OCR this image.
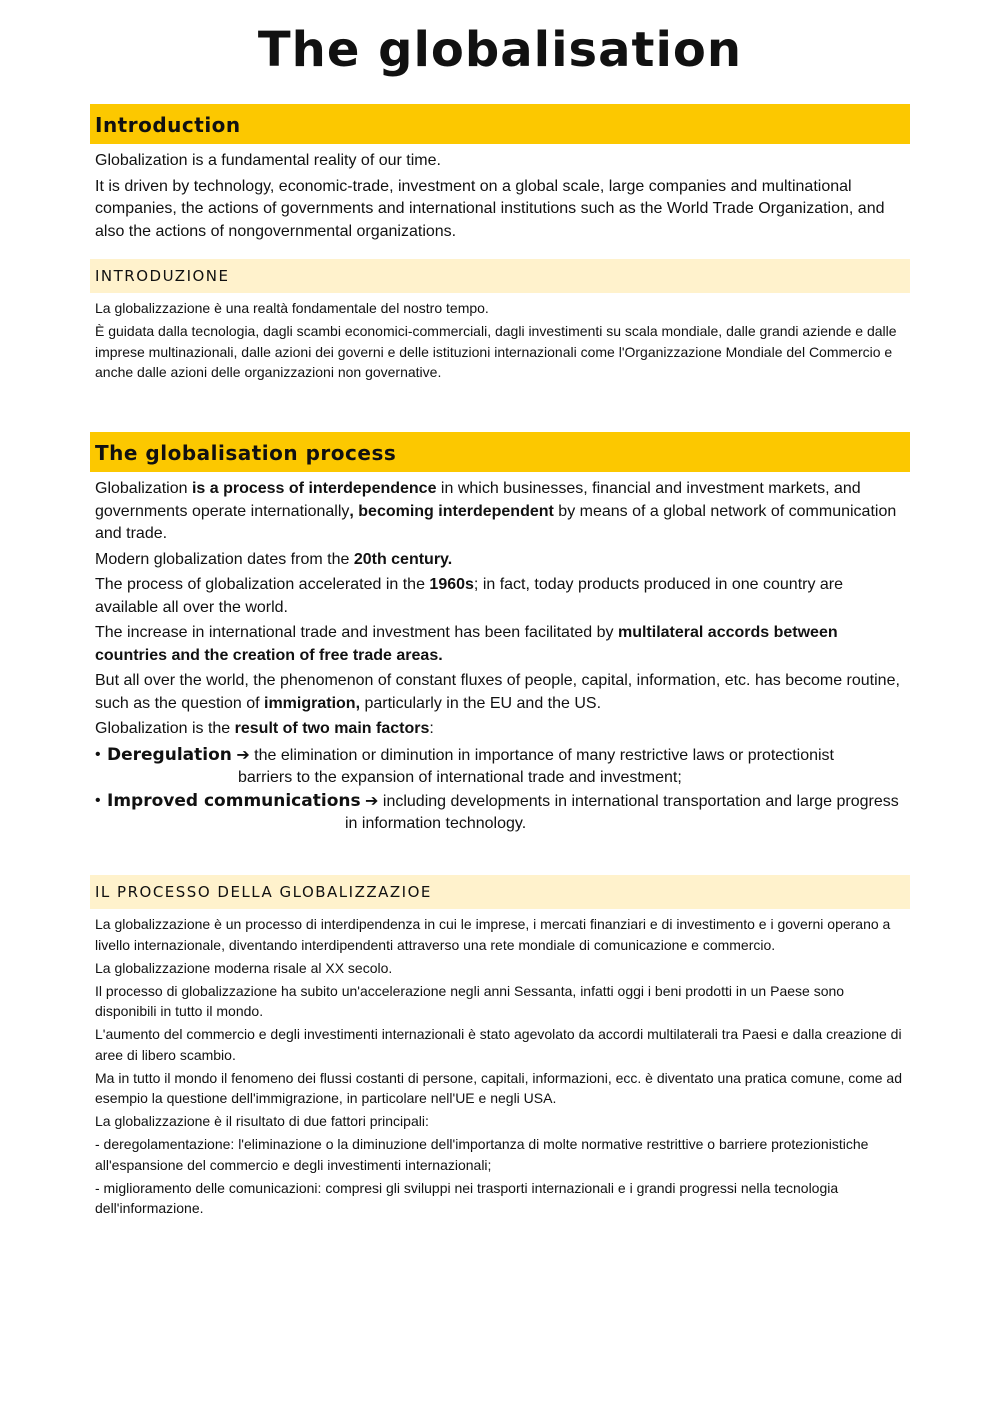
The globalisation
Introduction

Globalization is a fundamental reality of our time.

It is driven by technology, economic-trade, investment on a global scale, large companies and multinational companies, the actions of governments and international institutions such as the World Trade Organization, and also the actions of nongovernmental organizations.

INTRODUZIONE

La globalizzazione è una realtà fondamentale del nostro tempo.

È guidata dalla tecnologia, dagli scambi economici-commerciali, dagli investimenti su scala mondiale, dalle grandi aziende e dalle imprese multinazionali, dalle azioni dei governi e delle istituzioni internazionali come l'Organizzazione Mondiale del Commercio e anche dalle azioni delle organizzazioni non governative.

The globalisation process

Globalization is a process of interdependence in which businesses, financial and investment markets, and governments operate internationally, becoming interdependent by means of a global network of communication and trade.

Modern globalization dates from the 20th century.

The process of globalization accelerated in the 1960s; in fact, today products produced in one country are available all over the world.

The increase in international trade and investment has been facilitated by multilateral accords between countries and the creation of free trade areas.

But all over the world, the phenomenon of constant fluxes of people, capital, information, etc. has become routine, such as the question of immigration, particularly in the EU and the US.

Globalization is the result of two main factors:

• Deregulation ➔ the elimination or diminution in importance of many restrictive laws or protectionist
barriers to the expansion of international trade and investment;
• Improved communications ➔ including developments in international transportation and large progress
in information technology.
IL PROCESSO DELLA GLOBALIZZAZIOE

La globalizzazione è un processo di interdipendenza in cui le imprese, i mercati finanziari e di investimento e i governi operano a livello internazionale, diventando interdipendenti attraverso una rete mondiale di comunicazione e commercio.

La globalizzazione moderna risale al XX secolo.

Il processo di globalizzazione ha subito un'accelerazione negli anni Sessanta, infatti oggi i beni prodotti in un Paese sono disponibili in tutto il mondo.

L'aumento del commercio e degli investimenti internazionali è stato agevolato da accordi multilaterali tra Paesi e dalla creazione di aree di libero scambio.

Ma in tutto il mondo il fenomeno dei flussi costanti di persone, capitali, informazioni, ecc. è diventato una pratica comune, come ad esempio la questione dell'immigrazione, in particolare nell'UE e negli USA.

La globalizzazione è il risultato di due fattori principali:

- deregolamentazione: l'eliminazione o la diminuzione dell'importanza di molte normative restrittive o barriere protezionistiche all'espansione del commercio e degli investimenti internazionali;

- miglioramento delle comunicazioni: compresi gli sviluppi nei trasporti internazionali e i grandi progressi nella tecnologia dell'informazione.
